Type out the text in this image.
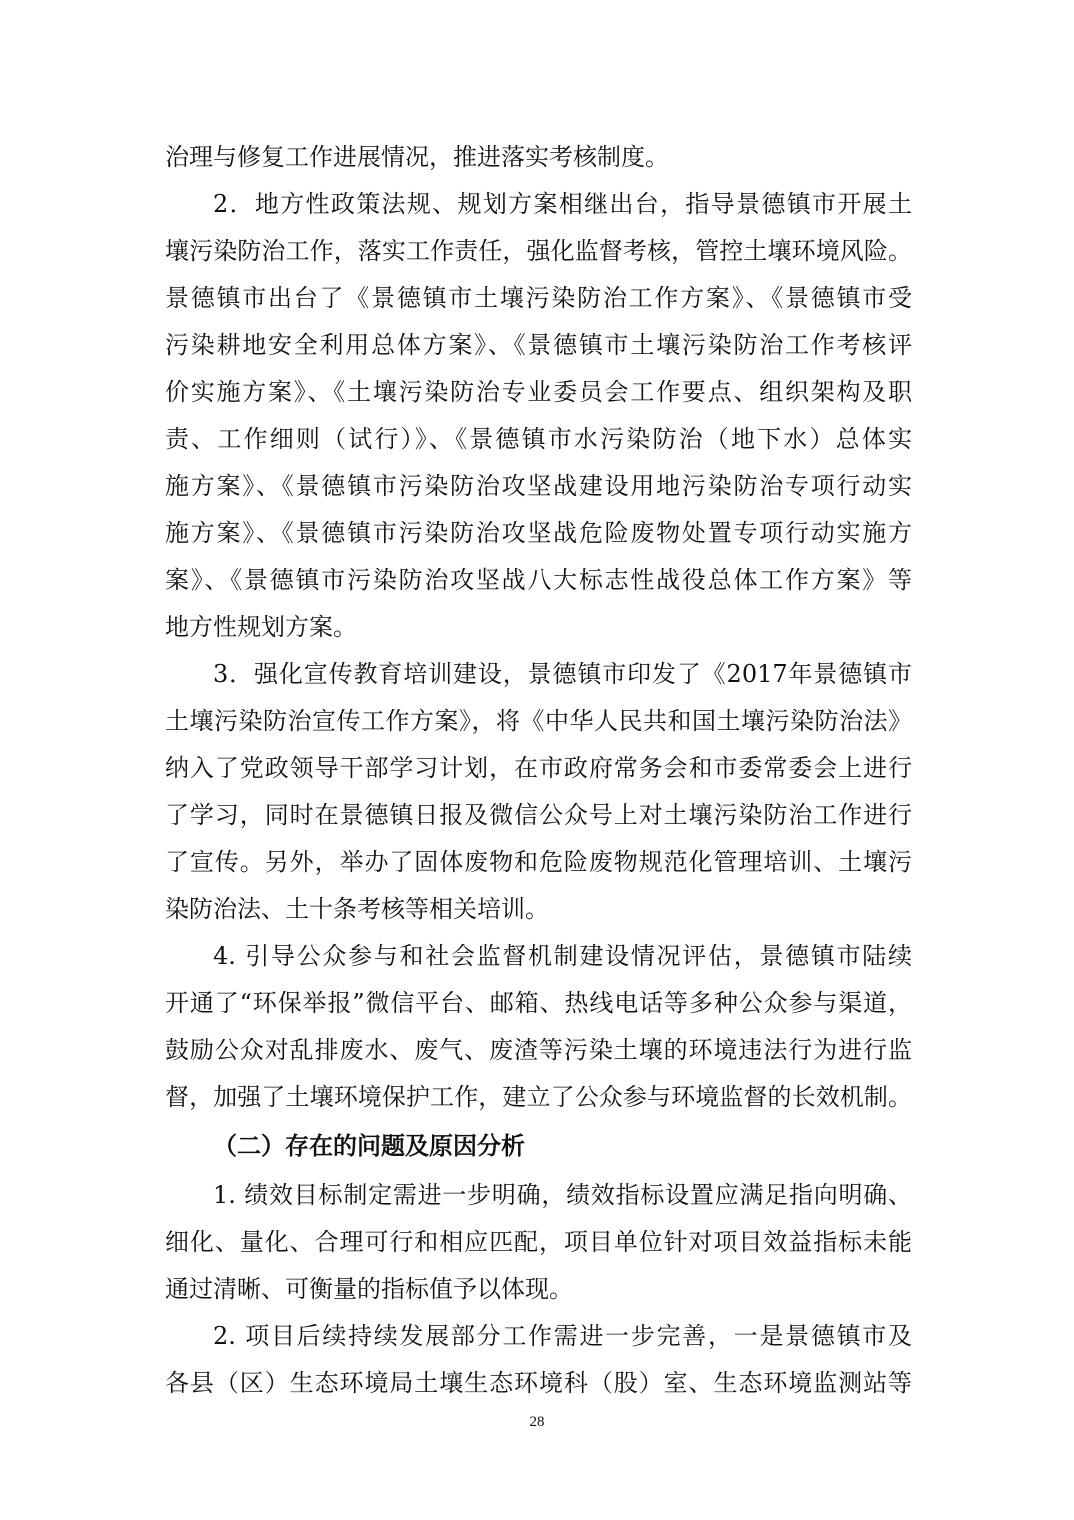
治理与修复工作进展情况，推进落实考核制度。
2．地方性政策法规、规划方案相继出台，指导景德镇市开展土
壤污染防治工作，落实工作责任，强化监督考核，管控土壤环境风险。
景德镇市出台了《景德镇市土壤污染防治工作方案》、《景德镇市受
污染耕地安全利用总体方案》、《景德镇市土壤污染防治工作考核评
价实施方案》、《土壤污染防治专业委员会工作要点、组织架构及职
责、工作细则（试行）》、《景德镇市水污染防治（地下水）总体实
施方案》、《景德镇市污染防治攻坚战建设用地污染防治专项行动实
施方案》、《景德镇市污染防治攻坚战危险废物处置专项行动实施方
案》、《景德镇市污染防治攻坚战八大标志性战役总体工作方案》等
地方性规划方案。
3．强化宣传教育培训建设，景德镇市印发了《2017年景德镇市
土壤污染防治宣传工作方案》，将《中华人民共和国土壤污染防治法》
纳入了党政领导干部学习计划，在市政府常务会和市委常委会上进行
了学习，同时在景德镇日报及微信公众号上对土壤污染防治工作进行
了宣传。另外，举办了固体废物和危险废物规范化管理培训、土壤污
染防治法、土十条考核等相关培训。
4. 引导公众参与和社会监督机制建设情况评估，景德镇市陆续
开通了“环保举报”微信平台、邮箱、热线电话等多种公众参与渠道，
鼓励公众对乱排废水、废气、废渣等污染土壤的环境违法行为进行监
督，加强了土壤环境保护工作，建立了公众参与环境监督的长效机制。
（二）存在的问题及原因分析
1. 绩效目标制定需进一步明确，绩效指标设置应满足指向明确、
细化、量化、合理可行和相应匹配，项目单位针对项目效益指标未能
通过清晰、可衡量的指标值予以体现。
2. 项目后续持续发展部分工作需进一步完善，一是景德镇市及
各县（区）生态环境局土壤生态环境科（股）室、生态环境监测站等
28
